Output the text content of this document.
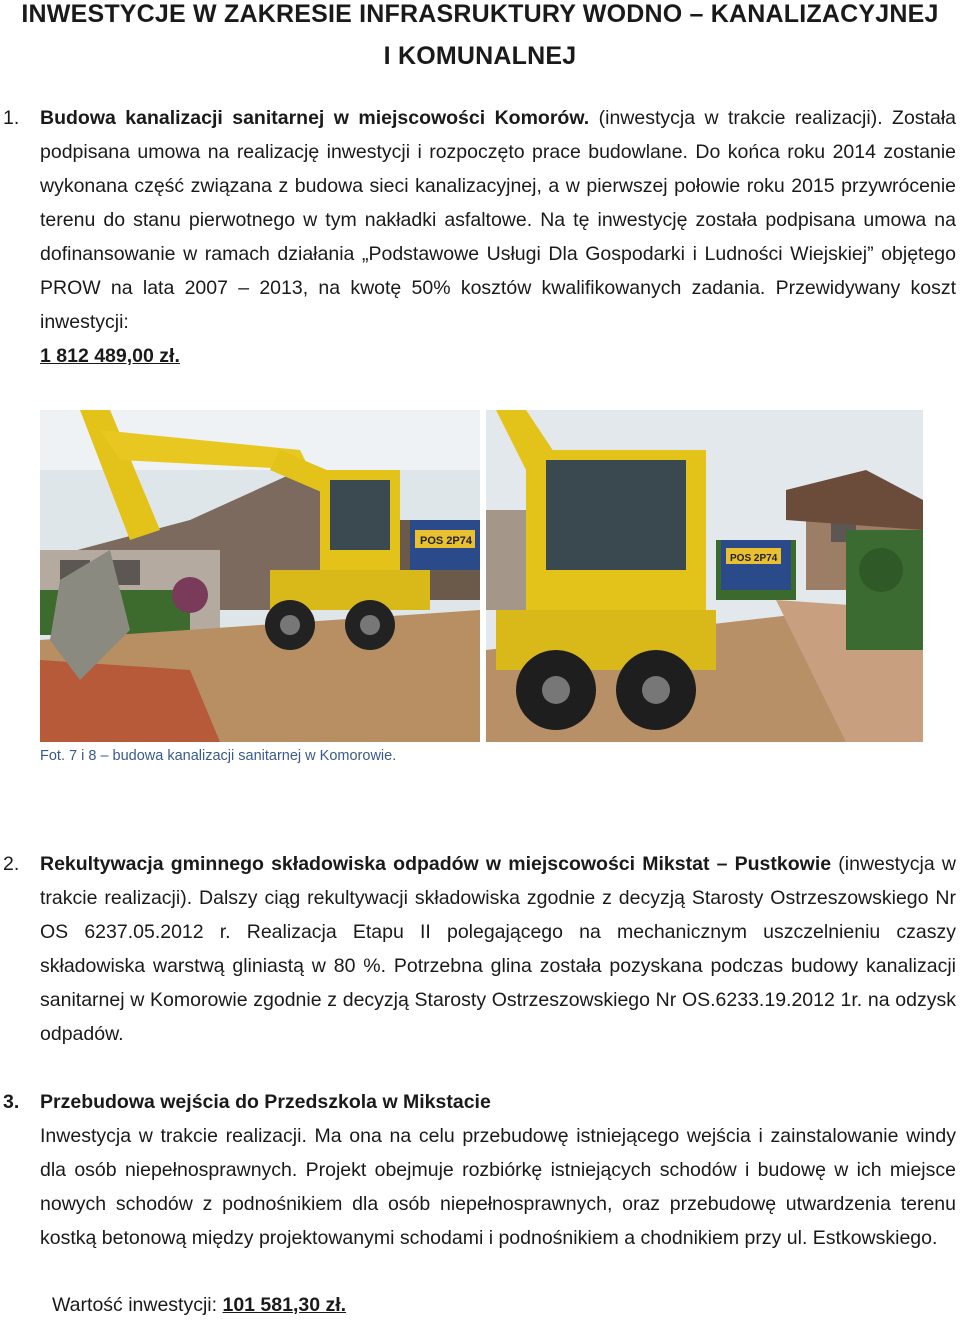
INWESTYCJE W ZAKRESIE INFRASRUKTURY WODNO – KANALIZACYJNEJ
I KOMUNALNEJ
1. Budowa kanalizacji sanitarnej w miejscowości Komorów. (inwestycja w trakcie realizacji). Została podpisana umowa na realizację inwestycji i rozpoczęto prace budowlane. Do końca roku 2014 zostanie wykonana część związana z budowa sieci kanalizacyjnej, a w pierwszej połowie roku 2015 przywrócenie terenu do stanu pierwotnego w tym nakładki asfaltowe. Na tę inwestycję została podpisana umowa na dofinansowanie w ramach działania „Podstawowe Usługi Dla Gospodarki i Ludności Wiejskiej” objętego PROW na lata 2007 – 2013, na kwotę 50% kosztów kwalifikowanych zadania. Przewidywany koszt inwestycji:
1 812 489,00 zł.

POS 2P74
POS 2P74
Fot. 7 i 8 – budowa kanalizacji sanitarnej w Komorowie.
2. Rekultywacja gminnego składowiska odpadów w miejscowości Mikstat – Pustkowie (inwestycja w trakcie realizacji). Dalszy ciąg rekultywacji składowiska zgodnie z decyzją Starosty Ostrzeszowskiego Nr OS 6237.05.2012 r. Realizacja Etapu II polegającego na mechanicznym uszczelnieniu czaszy składowiska warstwą gliniastą w 80 %. Potrzebna glina została pozyskana podczas budowy kanalizacji sanitarnej w Komorowie zgodnie z decyzją Starosty Ostrzeszowskiego Nr OS.6233.19.2012 1r. na odzysk odpadów.

3. Przebudowa wejścia do Przedszkola w Mikstacie
Inwestycja w trakcie realizacji. Ma ona na celu przebudowę istniejącego wejścia i zainstalowanie windy dla osób niepełnosprawnych. Projekt obejmuje rozbiórkę istniejących schodów i budowę w ich miejsce nowych schodów z podnośnikiem dla osób niepełnosprawnych, oraz przebudowę utwardzenia terenu kostką betonową między projektowanymi schodami i podnośnikiem a chodnikiem przy ul. Estkowskiego.

Wartość inwestycji: 101 581,30 zł.
